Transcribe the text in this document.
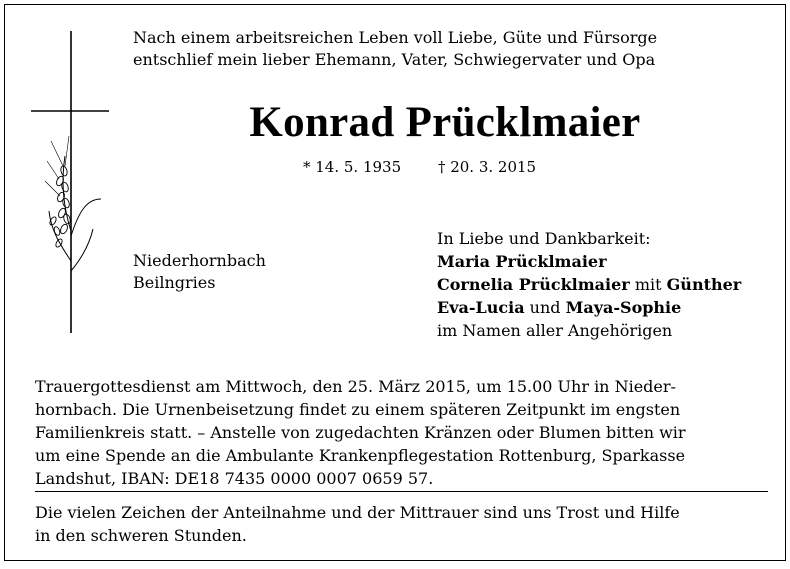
Nach einem arbeitsreichen Leben voll Liebe, Güte und Fürsorge
entschlief mein lieber Ehemann, Vater, Schwiegervater und Opa
Konrad Prücklmaier
* 14. 5. 1935 † 20. 3. 2015
Niederhornbach
Beilngries
In Liebe und Dankbarkeit:
Maria Prücklmaier
Cornelia Prücklmaier mit Günther
Eva-Lucia und Maya-Sophie
im Namen aller Angehörigen
Trauergottesdienst am Mittwoch, den 25. März 2015, um 15.00 Uhr in Nieder-
hornbach. Die Urnenbeisetzung findet zu einem späteren Zeitpunkt im engsten
Familienkreis statt. – Anstelle von zugedachten Kränzen oder Blumen bitten wir
um eine Spende an die Ambulante Krankenpflegestation Rottenburg, Sparkasse
Landshut, IBAN: DE18 7435 0000 0007 0659 57.
Die vielen Zeichen der Anteilnahme und der Mittrauer sind uns Trost und Hilfe
in den schweren Stunden.
